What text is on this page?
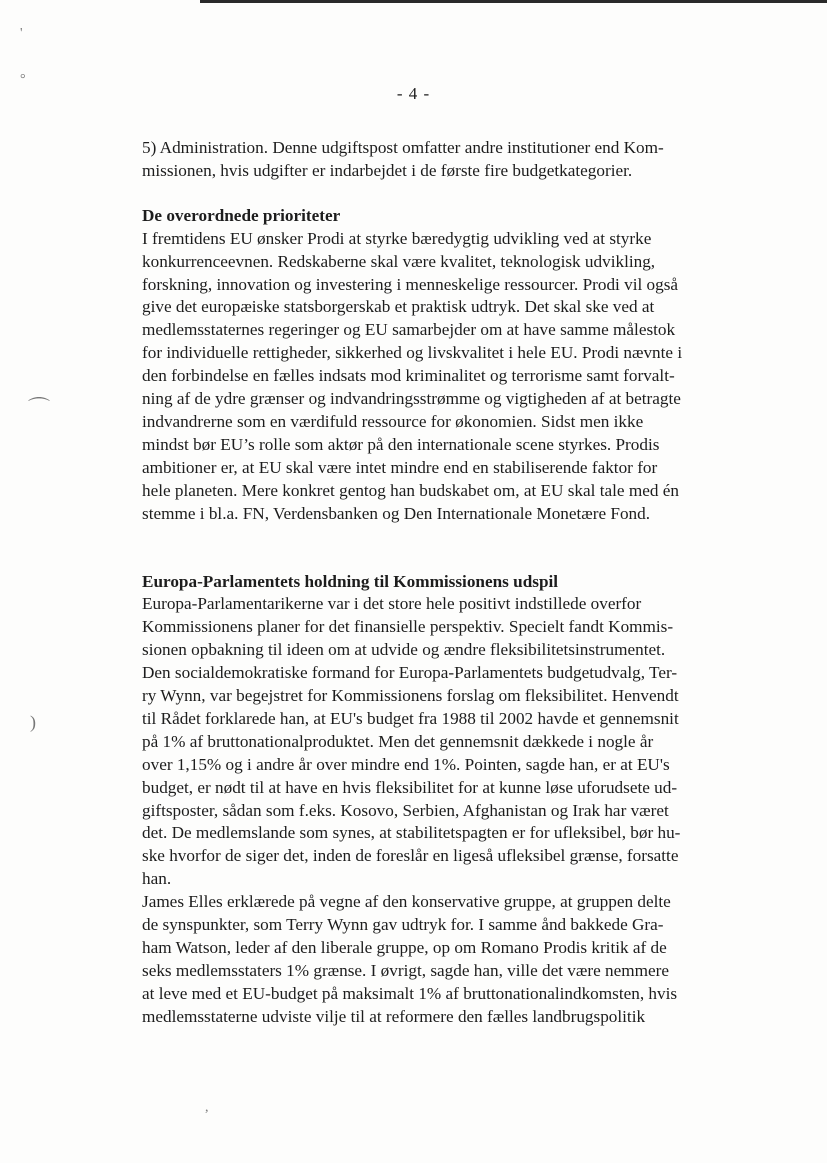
'
°
⌒
)
,
- 4 -

5) Administration. Denne udgiftspost omfatter andre institutioner end Kom-
missionen, hvis udgifter er indarbejdet i de første fire budgetkategorier.

De overordnede prioriteter

I fremtidens EU ønsker Prodi at styrke bæredygtig udvikling ved at styrke
konkurrenceevnen. Redskaberne skal være kvalitet, teknologisk udvikling,
forskning, innovation og investering i menneskelige ressourcer. Prodi vil også
give det europæiske statsborgerskab et praktisk udtryk. Det skal ske ved at
medlemsstaternes regeringer og EU samarbejder om at have samme målestok
for individuelle rettigheder, sikkerhed og livskvalitet i hele EU. Prodi nævnte i
den forbindelse en fælles indsats mod kriminalitet og terrorisme samt forvalt-
ning af de ydre grænser og indvandringsstrømme og vigtigheden af at betragte
indvandrerne som en værdifuld ressource for økonomien. Sidst men ikke
mindst bør EU’s rolle som aktør på den internationale scene styrkes. Prodis
ambitioner er, at EU skal være intet mindre end en stabiliserende faktor for
hele planeten. Mere konkret gentog han budskabet om, at EU skal tale med én
stemme i bl.a. FN, Verdensbanken og Den Internationale Monetære Fond.

Europa-Parlamentets holdning til Kommissionens udspil

Europa-Parlamentarikerne var i det store hele positivt indstillede overfor
Kommissionens planer for det finansielle perspektiv. Specielt fandt Kommis-
sionen opbakning til ideen om at udvide og ændre fleksibilitetsinstrumentet.
Den socialdemokratiske formand for Europa-Parlamentets budgetudvalg, Ter-
ry Wynn, var begejstret for Kommissionens forslag om fleksibilitet. Henvendt
til Rådet forklarede han, at EU's budget fra 1988 til 2002 havde et gennemsnit
på 1% af bruttonationalproduktet. Men det gennemsnit dækkede i nogle år
over 1,15% og i andre år over mindre end 1%. Pointen, sagde han, er at EU's
budget, er nødt til at have en hvis fleksibilitet for at kunne løse uforudsete ud-
giftsposter, sådan som f.eks. Kosovo, Serbien, Afghanistan og Irak har været
det. De medlemslande som synes, at stabilitetspagten er for ufleksibel, bør hu-
ske hvorfor de siger det, inden de foreslår en ligeså ufleksibel grænse, forsatte
han.

James Elles erklærede på vegne af den konservative gruppe, at gruppen delte
de synspunkter, som Terry Wynn gav udtryk for. I samme ånd bakkede Gra-
ham Watson, leder af den liberale gruppe, op om Romano Prodis kritik af de
seks medlemsstaters 1% grænse. I øvrigt, sagde han, ville det være nemmere
at leve med et EU-budget på maksimalt 1% af bruttonationalindkomsten, hvis
medlemsstaterne udviste vilje til at reformere den fælles landbrugspolitik
